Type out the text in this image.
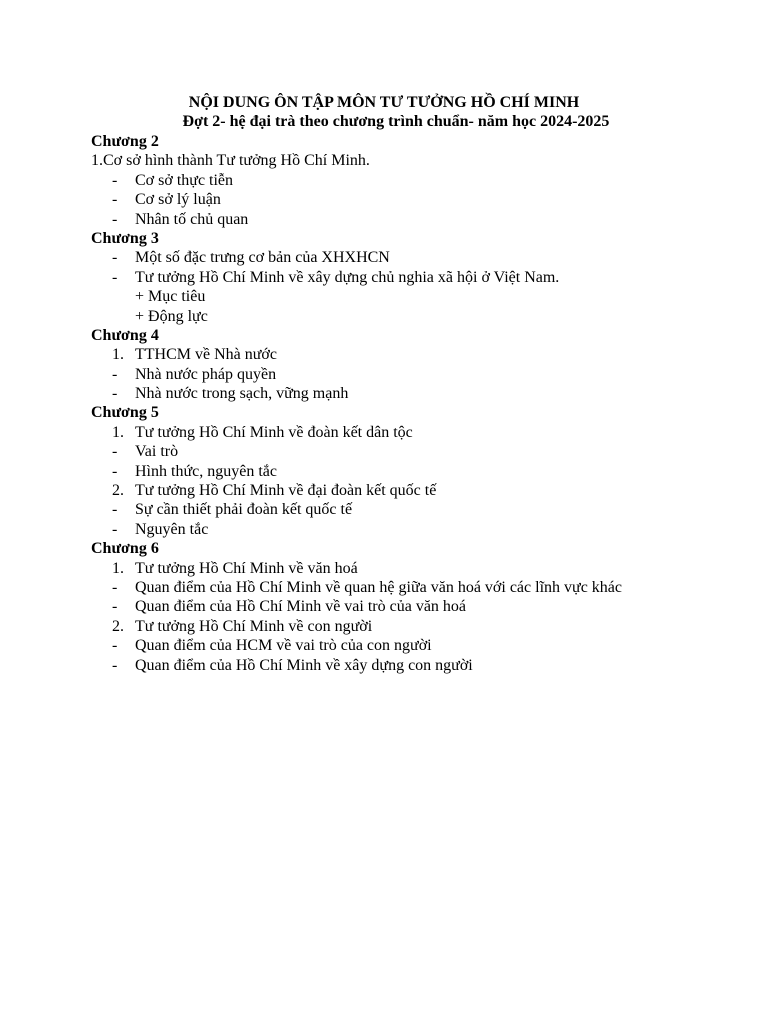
NỘI DUNG ÔN TẬP MÔN TƯ TƯỞNG HỒ CHÍ MINH
Đợt 2- hệ đại trà theo chương trình chuẩn- năm học 2024-2025
Chương 2
1.Cơ sở hình thành Tư tưởng Hồ Chí Minh.
- Cơ sở thực tiễn
- Cơ sở lý luận
- Nhân tố chủ quan
Chương 3
- Một số đặc trưng cơ bản của XHXHCN
- Tư tưởng Hồ Chí Minh về xây dựng chủ nghia xã hội ở Việt Nam.
+ Mục tiêu
+ Động lực
Chương 4
1. TTHCM về Nhà nước
- Nhà nước pháp quyền
- Nhà nước trong sạch, vững mạnh
Chương 5
1. Tư tưởng Hồ Chí Minh về đoàn kết dân tộc
- Vai trò
- Hình thức, nguyên tắc
2. Tư tưởng Hồ Chí Minh về đại đoàn kết quốc tế
- Sự cần thiết phải đoàn kết quốc tế
- Nguyên tắc
Chương 6
1. Tư tưởng Hồ Chí Minh về văn hoá
- Quan điểm của Hồ Chí Minh về quan hệ giữa văn hoá với các lĩnh vực khác
- Quan điểm của Hồ Chí Minh về vai trò của văn hoá
2. Tư tưởng Hồ Chí Minh về con người
- Quan điểm của HCM về vai trò của con người
- Quan điểm của Hồ Chí Minh về xây dựng con người
